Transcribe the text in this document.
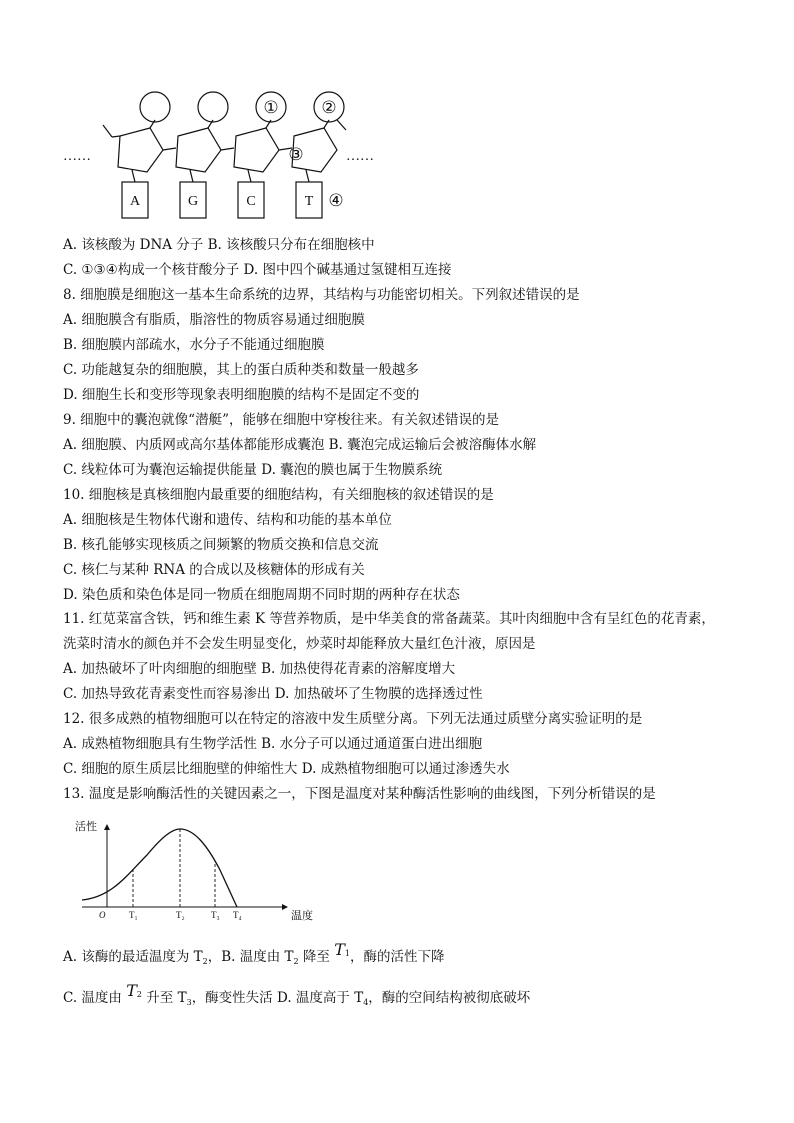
A	G	C	T
①	②
③
④
……	……
A. 该核酸为 DNA 分子 B. 该核酸只分布在细胞核中
C. ①③④构成一个核苷酸分子 D. 图中四个碱基通过氢键相互连接
8. 细胞膜是细胞这一基本生命系统的边界，其结构与功能密切相关。下列叙述错误的是
A. 细胞膜含有脂质，脂溶性的物质容易通过细胞膜
B. 细胞膜内部疏水，水分子不能通过细胞膜
C. 功能越复杂的细胞膜，其上的蛋白质种类和数量一般越多
D. 细胞生长和变形等现象表明细胞膜的结构不是固定不变的
9. 细胞中的囊泡就像“潜艇”，能够在细胞中穿梭往来。有关叙述错误的是
A. 细胞膜、内质网或高尔基体都能形成囊泡 B. 囊泡完成运输后会被溶酶体水解
C. 线粒体可为囊泡运输提供能量 D. 囊泡的膜也属于生物膜系统
10. 细胞核是真核细胞内最重要的细胞结构，有关细胞核的叙述错误的是
A. 细胞核是生物体代谢和遗传、结构和功能的基本单位
B. 核孔能够实现核质之间频繁的物质交换和信息交流
C. 核仁与某种 RNA 的合成以及核糖体的形成有关
D. 染色质和染色体是同一物质在细胞周期不同时期的两种存在状态
11. 红苋菜富含铁，钙和维生素 K 等营养物质，是中华美食的常备蔬菜。其叶肉细胞中含有呈红色的花青素，
洗菜时清水的颜色并不会发生明显变化，炒菜时却能释放大量红色汁液，原因是
A. 加热破坏了叶肉细胞的细胞壁 B. 加热使得花青素的溶解度增大
C. 加热导致花青素变性而容易渗出 D. 加热破坏了生物膜的选择透过性
12. 很多成熟的植物细胞可以在特定的溶液中发生质壁分离。下列无法通过质壁分离实验证明的是
A. 成熟植物细胞具有生物学活性 B. 水分子可以通过通道蛋白进出细胞
C. 细胞的原生质层比细胞壁的伸缩性大 D. 成熟植物细胞可以通过渗透失水
13. 温度是影响酶活性的关键因素之一，下图是温度对某种酶活性影响的曲线图，下列分析错误的是
活性
温度
O	T₁	T₂	T₃ T₄
A. 该酶的最适温度为 $T_2$，B. 温度由 $T_2$ 降至 $T^1$，酶的活性下降
C. 温度由 $T^2$ 升至 $T_3$，酶变性失活 D. 温度高于 $T_4$，酶的空间结构被彻底破坏
